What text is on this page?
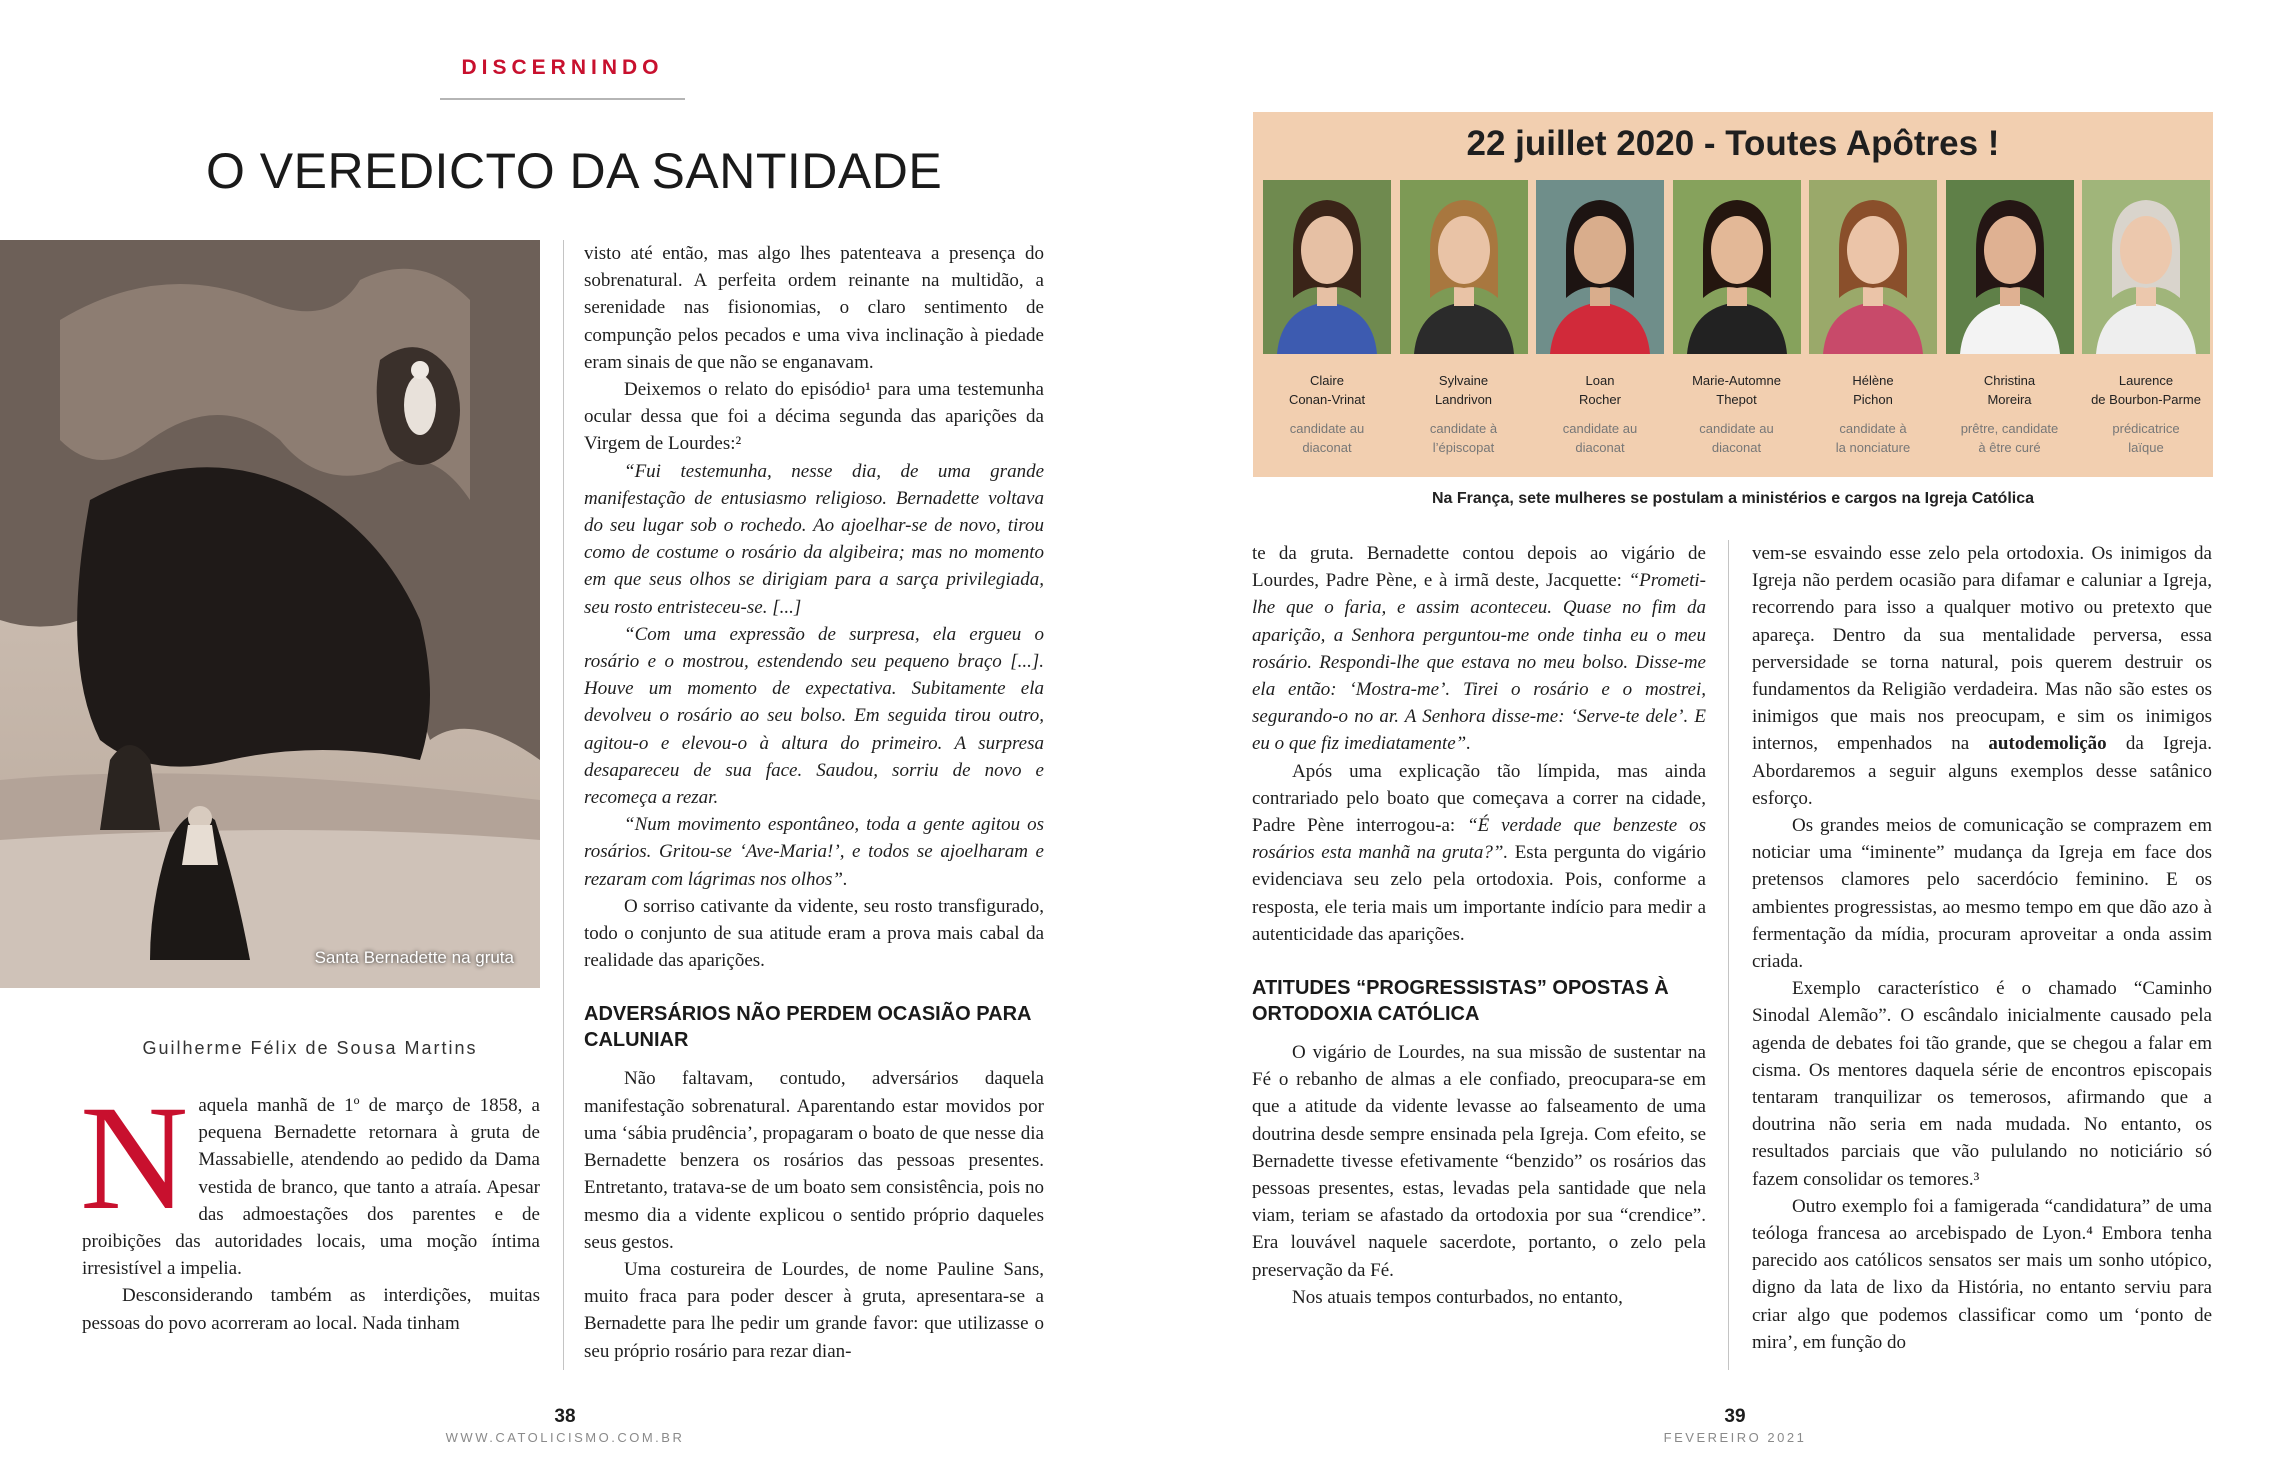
DISCERNINDO
O VEREDICTO DA SANTIDADE
Santa Bernadette na gruta
Guilherme Félix de Sousa Martins

Naquela manhã de 1º de março de 1858, a pequena Bernadette retornara à gruta de Massabielle, atendendo ao pedido da Dama vestida de branco, que tanto a atraía. Apesar das admoestações dos parentes e de proibições das autoridades locais, uma moção íntima irresistível a impelia.

Desconsiderando também as interdições, muitas pessoas do povo acorreram ao local. Nada tinham

visto até então, mas algo lhes patenteava a presença do sobrenatural. A perfeita ordem reinante na multidão, a serenidade nas fisionomias, o claro sentimento de compunção pelos pecados e uma viva inclinação à piedade eram sinais de que não se enganavam.

Deixemos o relato do episódio¹ para uma testemunha ocular dessa que foi a décima segunda das aparições da Virgem de Lourdes:²

“Fui testemunha, nesse dia, de uma grande manifestação de entusiasmo religioso. Bernadette voltava do seu lugar sob o rochedo. Ao ajoelhar-se de novo, tirou como de costume o rosário da algibeira; mas no momento em que seus olhos se dirigiam para a sarça privilegiada, seu rosto entristeceu-se. [...]

“Com uma expressão de surpresa, ela ergueu o rosário e o mostrou, estendendo seu pequeno braço [...]. Houve um momento de expectativa. Subitamente ela devolveu o rosário ao seu bolso. Em seguida tirou outro, agitou-o e elevou-o à altura do primeiro. A surpresa desapareceu de sua face. Saudou, sorriu de novo e recomeça a rezar.

“Num movimento espontâneo, toda a gente agitou os rosários. Gritou-se ‘Ave-Maria!’, e todos se ajoelharam e rezaram com lágrimas nos olhos”.

O sorriso cativante da vidente, seu rosto transfigurado, todo o conjunto de sua atitude eram a prova mais cabal da realidade das aparições.

ADVERSÁRIOS NÃO PERDEM OCASIÃO PARA CALUNIAR

Não faltavam, contudo, adversários daquela manifestação sobrenatural. Aparentando estar movidos por uma ‘sábia prudência’, propagaram o boato de que nesse dia Bernadette benzera os rosários das pessoas presentes. Entretanto, tratava-se de um boato sem consistência, pois no mesmo dia a vidente explicou o sentido próprio daqueles seus gestos.

Uma costureira de Lourdes, de nome Pauline Sans, muito fraca para poder descer à gruta, apresentara-se a Bernadette para lhe pedir um grande favor: que utilizasse o seu próprio rosário para rezar dian-

22 juillet 2020 - Toutes Apôtres !
Claire
Conan-Vrinat
candidate au
diaconat
Sylvaine
Landrivon
candidate à
l’épiscopat
Loan
Rocher
candidate au
diaconat
Marie-Automne
Thepot
candidate au
diaconat
Hélène
Pichon
candidate à
la nonciature
Christina
Moreira
prêtre, candidate
à être curé
Laurence
de Bourbon-Parme
prédicatrice
laïque
Na França, sete mulheres se postulam a ministérios e cargos na Igreja Católica

te da gruta. Bernadette contou depois ao vigário de Lourdes, Padre Pène, e à irmã deste, Jacquette: “Prometi-lhe que o faria, e assim aconteceu. Quase no fim da aparição, a Senhora perguntou-me onde tinha eu o meu rosário. Respondi-lhe que estava no meu bolso. Disse-me ela então: ‘Mostra-me’. Tirei o rosário e o mostrei, segurando-o no ar. A Senhora disse-me: ‘Serve-te dele’. E eu o que fiz imediatamente”.

Após uma explicação tão límpida, mas ainda contrariado pelo boato que começava a correr na cidade, Padre Pène interrogou-a: “É verdade que benzeste os rosários esta manhã na gruta?”. Esta pergunta do vigário evidenciava seu zelo pela ortodoxia. Pois, conforme a resposta, ele teria mais um importante indício para medir a autenticidade das aparições.

ATITUDES “PROGRESSISTAS” OPOSTAS À ORTODOXIA CATÓLICA

O vigário de Lourdes, na sua missão de sustentar na Fé o rebanho de almas a ele confiado, preocupara-se em que a atitude da vidente levasse ao falseamento de uma doutrina desde sempre ensinada pela Igreja. Com efeito, se Bernadette tivesse efetivamente “benzido” os rosários das pessoas presentes, estas, levadas pela santidade que nela viam, teriam se afastado da ortodoxia por sua “crendice”. Era louvável naquele sacerdote, portanto, o zelo pela preservação da Fé.

Nos atuais tempos conturbados, no entanto,

vem-se esvaindo esse zelo pela ortodoxia. Os inimigos da Igreja não perdem ocasião para difamar e caluniar a Igreja, recorrendo para isso a qualquer motivo ou pretexto que apareça. Dentro da sua mentalidade perversa, essa perversidade se torna natural, pois querem destruir os fundamentos da Religião verdadeira. Mas não são estes os inimigos que mais nos preocupam, e sim os inimigos internos, empenhados na autodemolição da Igreja. Abordaremos a seguir alguns exemplos desse satânico esforço.

Os grandes meios de comunicação se comprazem em noticiar uma “iminente” mudança da Igreja em face dos pretensos clamores pelo sacerdócio feminino. E os ambientes progressistas, ao mesmo tempo em que dão azo à fermentação da mídia, procuram aproveitar a onda assim criada.

Exemplo característico é o chamado “Caminho Sinodal Alemão”. O escândalo inicialmente causado pela agenda de debates foi tão grande, que se chegou a falar em cisma. Os mentores daquela série de encontros episcopais tentaram tranquilizar os temerosos, afirmando que a doutrina não seria em nada mudada. No entanto, os resultados parciais que vão pululando no noticiário só fazem consolidar os temores.³

Outro exemplo foi a famigerada “candidatura” de uma teóloga francesa ao arcebispado de Lyon.⁴ Embora tenha parecido aos católicos sensatos ser mais um sonho utópico, digno da lata de lixo da História, no entanto serviu para criar algo que podemos classificar como um ‘ponto de mira’, em função do

38
WWW.CATOLICISMO.COM.BR
39
FEVEREIRO 2021
